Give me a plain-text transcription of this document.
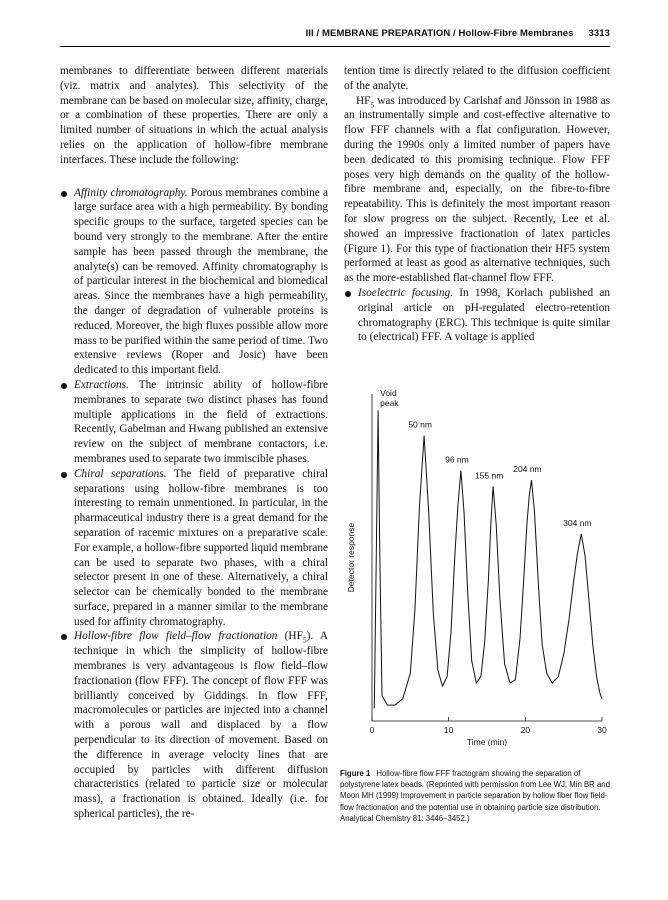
III / MEMBRANE PREPARATION / Hollow-Fibre Membranes 3313

membranes to differentiate between different materials (viz. matrix and analytes). This selectivity of the membrane can be based on molecular size, affinity, charge, or a combination of these properties. There are only a limited number of situations in which the actual analysis relies on the application of hollow-fibre membrane interfaces. These include the following:

Affinity chromatography. Porous membranes combine a large surface area with a high permeability. By bonding specific groups to the surface, targeted species can be bound very strongly to the membrane. After the entire sample has been passed through the membrane, the analyte(s) can be removed. Affinity chromatography is of particular interest in the biochemical and biomedical areas. Since the membranes have a high permeability, the danger of degradation of vulnerable proteins is reduced. Moreover, the high fluxes possible allow more mass to be purified within the same period of time. Two extensive reviews (Roper and Josic) have been dedicated to this important field.
Extractions. The intrinsic ability of hollow-fibre membranes to separate two distinct phases has found multiple applications in the field of extractions. Recently, Gabelman and Hwang published an extensive review on the subject of membrane contactors, i.e. membranes used to separate two immiscible phases.
Chiral separations. The field of preparative chiral separations using hollow-fibre membranes is too interesting to remain unmentioned. In particular, in the pharmaceutical industry there is a great demand for the separation of racemic mixtures on a preparative scale. For example, a hollow-fibre supported liquid membrane can be used to separate two phases, with a chiral selector present in one of these. Alternatively, a chiral selector can be chemically bonded to the membrane surface, prepared in a manner similar to the membrane used for affinity chromatography.
Hollow-fibre flow field–flow fractionation $(HF_5)$. A technique in which the simplicity of hollow-fibre membranes is very advantageous is flow field–flow fractionation (flow FFF). The concept of flow FFF was brilliantly conceived by Giddings. In flow FFF, macromolecules or particles are injected into a channel with a porous wall and displaced by a flow perpendicular to its direction of movement. Based on the difference in average velocity lines that are occupied by particles with different diffusion characteristics (related to particle size or molecular mass), a fractionation is obtained. Ideally (i.e. for spherical particles), the re-

tention time is directly related to the diffusion coefficient of the analyte.

$HF_5$ was introduced by Carlshaf and Jönsson in 1988 as an instrumentally simple and cost-effective alternative to flow FFF channels with a flat configuration. However, during the 1990s only a limited number of papers have been dedicated to this promising technique. Flow FFF poses very high demands on the quality of the hollow-fibre membrane and, especially, on the fibre-to-fibre repeatability. This is definitely the most important reason for slow progress on the subject. Recently, Lee et al. showed an impressive fractionation of latex particles (Figure 1). For this type of fractionation their HF5 system performed at least as good as alternative techniques, such as the more-established flat-channel flow FFF.

Isoelectric focusing. In 1998, Korlach published an original article on pH-regulated electro-retention chromatography (ERC). This technique is quite similar to (electrical) FFF. A voltage is applied
0	10	20	30
Void
peak
50 nm
96 nm
155 nm
204 nm
304 nm
Time (min)
Detector response
Figure 1 Hollow-fibre flow FFF fractogram showing the separation of polystyrene latex beads. (Reprinted with permission from Lee WJ, Min BR and Moon MH (1999) Improvement in particle separation by hollow fiber flow field-flow fractionation and the potential use in obtaining particle size distribution. Analytical Chemistry 81: 3446–3452.)
